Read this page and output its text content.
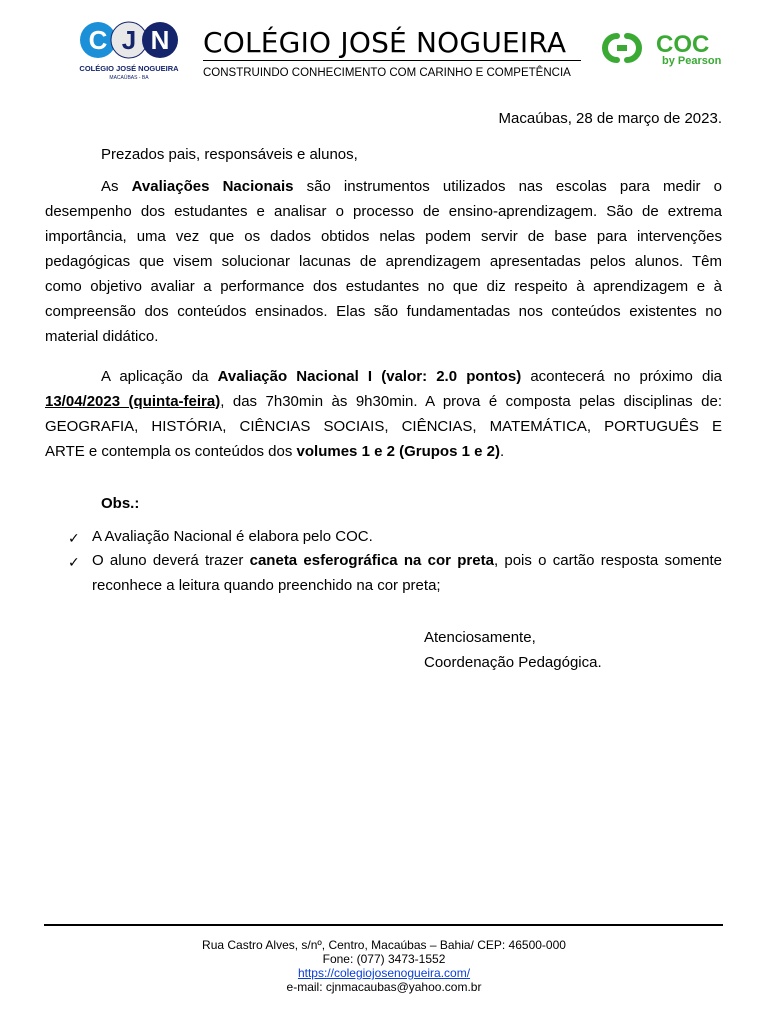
C J N
COLÉGIO JOSÉ NOGUEIRA
MACAÚBAS - BA
COLÉGIO JOSÉ NOGUEIRA
CONSTRUINDO CONHECIMENTO COM CARINHO E COMPETÊNCIA
COC
by Pearson
Macaúbas, 28 de março de 2023.
Prezados pais, responsáveis e alunos,
As Avaliações Nacionais são instrumentos utilizados nas escolas para medir o
desempenho dos estudantes e analisar o processo de ensino-aprendizagem. São de extrema
importância, uma vez que os dados obtidos nelas podem servir de base para intervenções
pedagógicas que visem solucionar lacunas de aprendizagem apresentadas pelos alunos. Têm
como objetivo avaliar a performance dos estudantes no que diz respeito à aprendizagem e à
compreensão dos conteúdos ensinados. Elas são fundamentadas nos conteúdos existentes no
material didático.
A aplicação da Avaliação Nacional I (valor: 2.0 pontos) acontecerá no próximo dia
13/04/2023 (quinta-feira), das 7h30min às 9h30min. A prova é composta pelas disciplinas de:
GEOGRAFIA, HISTÓRIA, CIÊNCIAS SOCIAIS, CIÊNCIAS, MATEMÁTICA, PORTUGUÊS E
ARTE e contempla os conteúdos dos volumes 1 e 2 (Grupos 1 e 2).
Obs.:
✓ A Avaliação Nacional é elabora pelo COC.
✓ O aluno deverá trazer caneta esferográfica na cor preta, pois o cartão resposta somente reconhece a leitura quando preenchido na cor preta;
Atenciosamente,
Coordenação Pedagógica.
Rua Castro Alves, s/nº, Centro, Macaúbas – Bahia/ CEP: 46500-000
Fone: (077) 3473-1552
https://colegiojosenogueira.com/
e-mail: cjnmacaubas@yahoo.com.br
